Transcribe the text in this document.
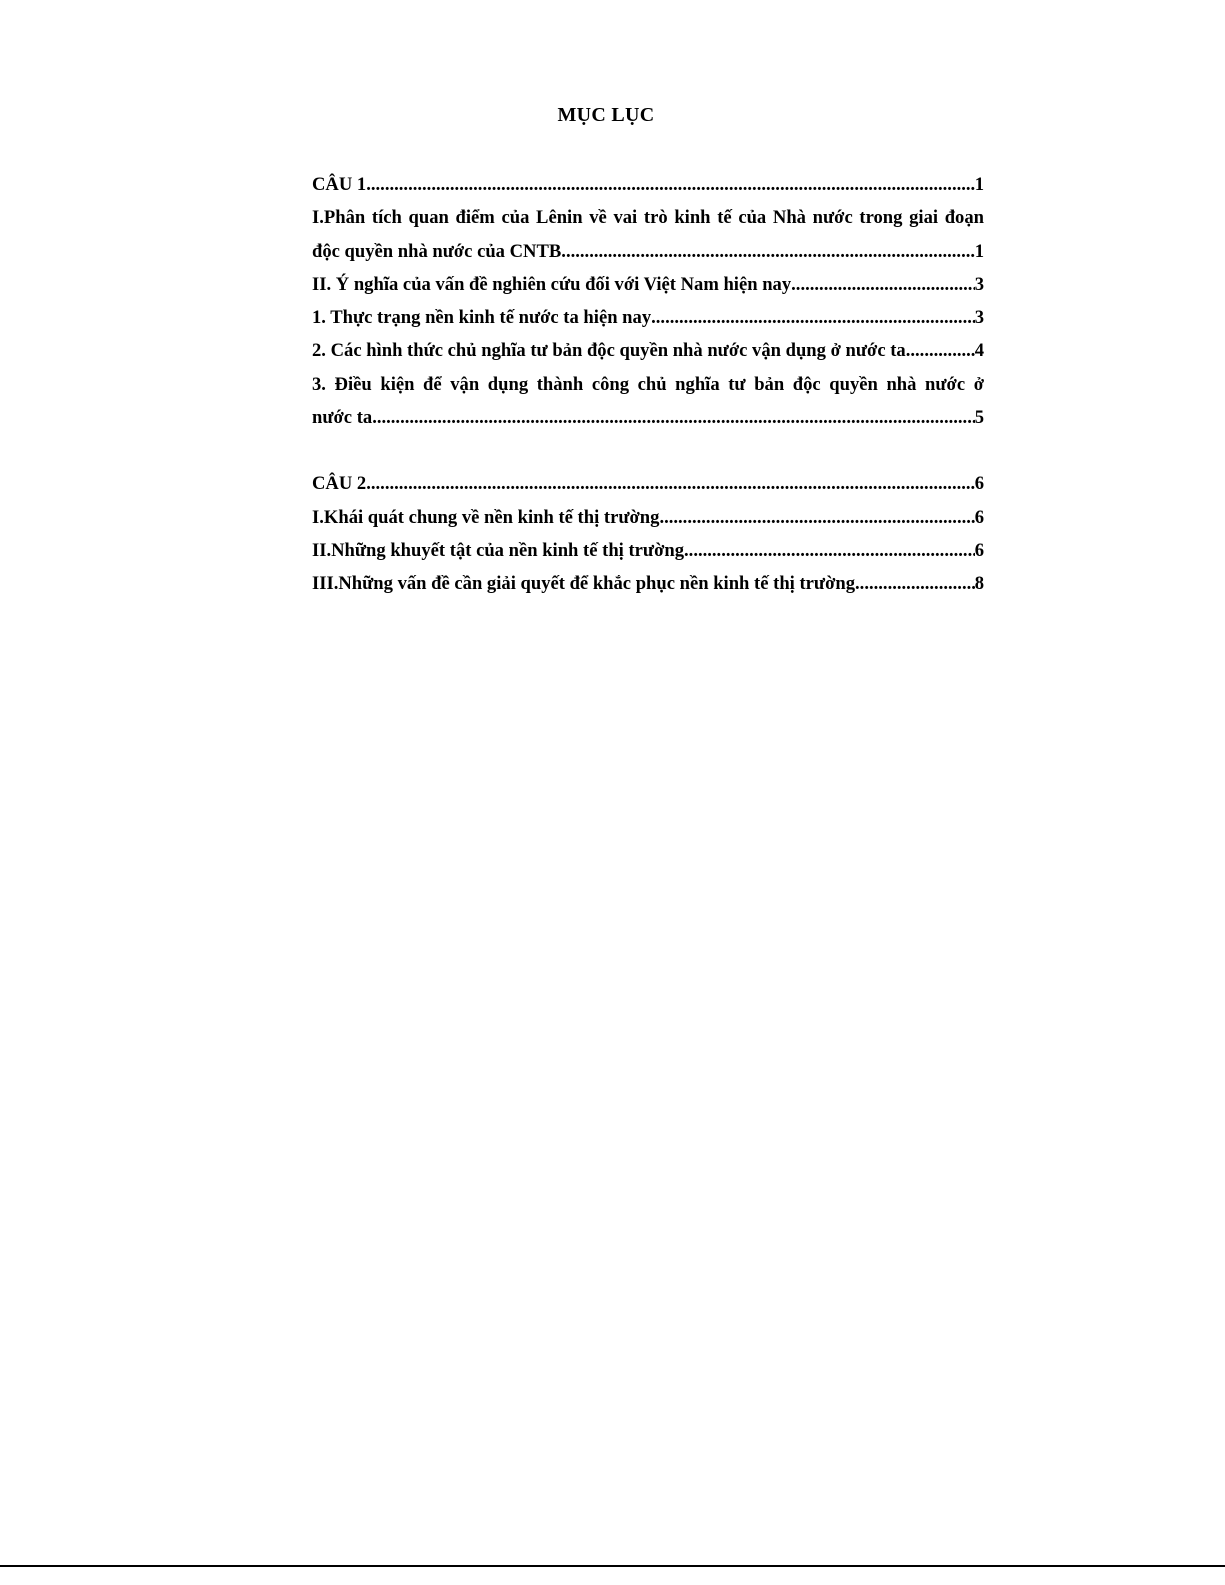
MỤC LỤC
CÂU 1 .....	1
I.Phân tích quan điểm của Lênin về vai trò kinh tế của Nhà nước trong giai đoạn
độc quyền nhà nước của CNTB .....	1
II. Ý nghĩa của vấn đề nghiên cứu đối với Việt Nam hiện nay .....	3
1. Thực trạng nền kinh tế nước ta hiện nay .....	3
2. Các hình thức chủ nghĩa tư bản độc quyền nhà nước vận dụng ở nước ta .....	4
3. Điều kiện để vận dụng thành công chủ nghĩa tư bản độc quyền nhà nước ở
nước ta .....	5
CÂU 2 .....	6
I.Khái quát chung về nền kinh tế thị trường .....	6
II.Những khuyết tật của nền kinh tế thị trường .....	6
III.Những vấn đề cần giải quyết để khắc phục nền kinh tế thị trường .....	8
